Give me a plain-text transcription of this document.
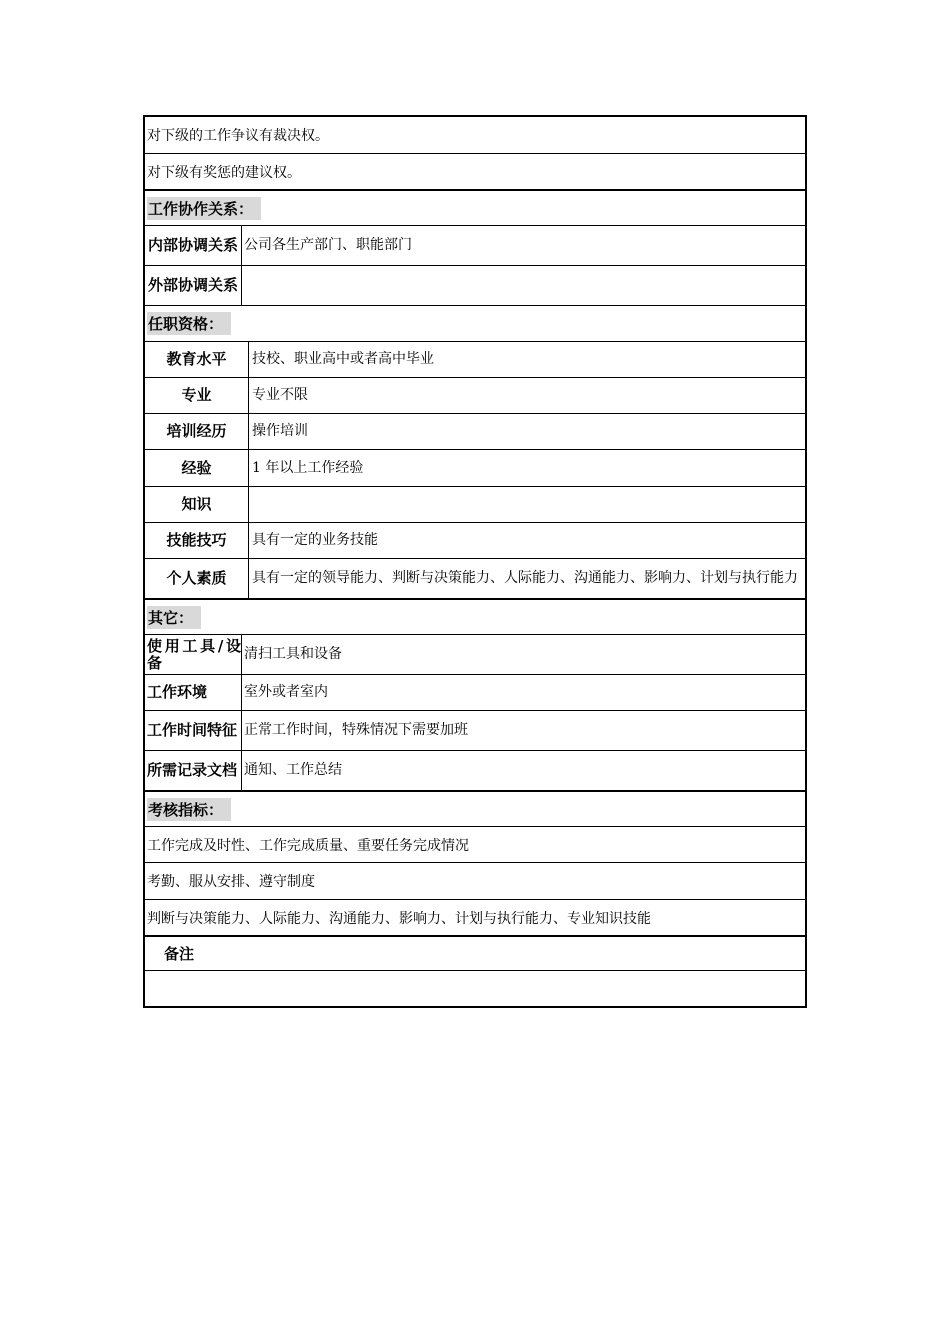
对下级的工作争议有裁决权。
对下级有奖惩的建议权。
工作协作关系：
内部协调关系 公司各生产部门、职能部门
外部协调关系
任职资格：
教育水平	技校、职业高中或者高中毕业
专业	专业不限
培训经历	操作培训
经验	1 年以上工作经验
知识
技能技巧	具有一定的业务技能
个人素质	具有一定的领导能力、判断与决策能力、人际能力、沟通能力、影响力、计划与执行能力
其它：
使用工具/设备	清扫工具和设备
工作环境	室外或者室内
工作时间特征 正常工作时间，特殊情况下需要加班
所需记录文档 通知、工作总结
考核指标：
工作完成及时性、工作完成质量、重要任务完成情况
考勤、服从安排、遵守制度
判断与决策能力、人际能力、沟通能力、影响力、计划与执行能力、专业知识技能
备注
